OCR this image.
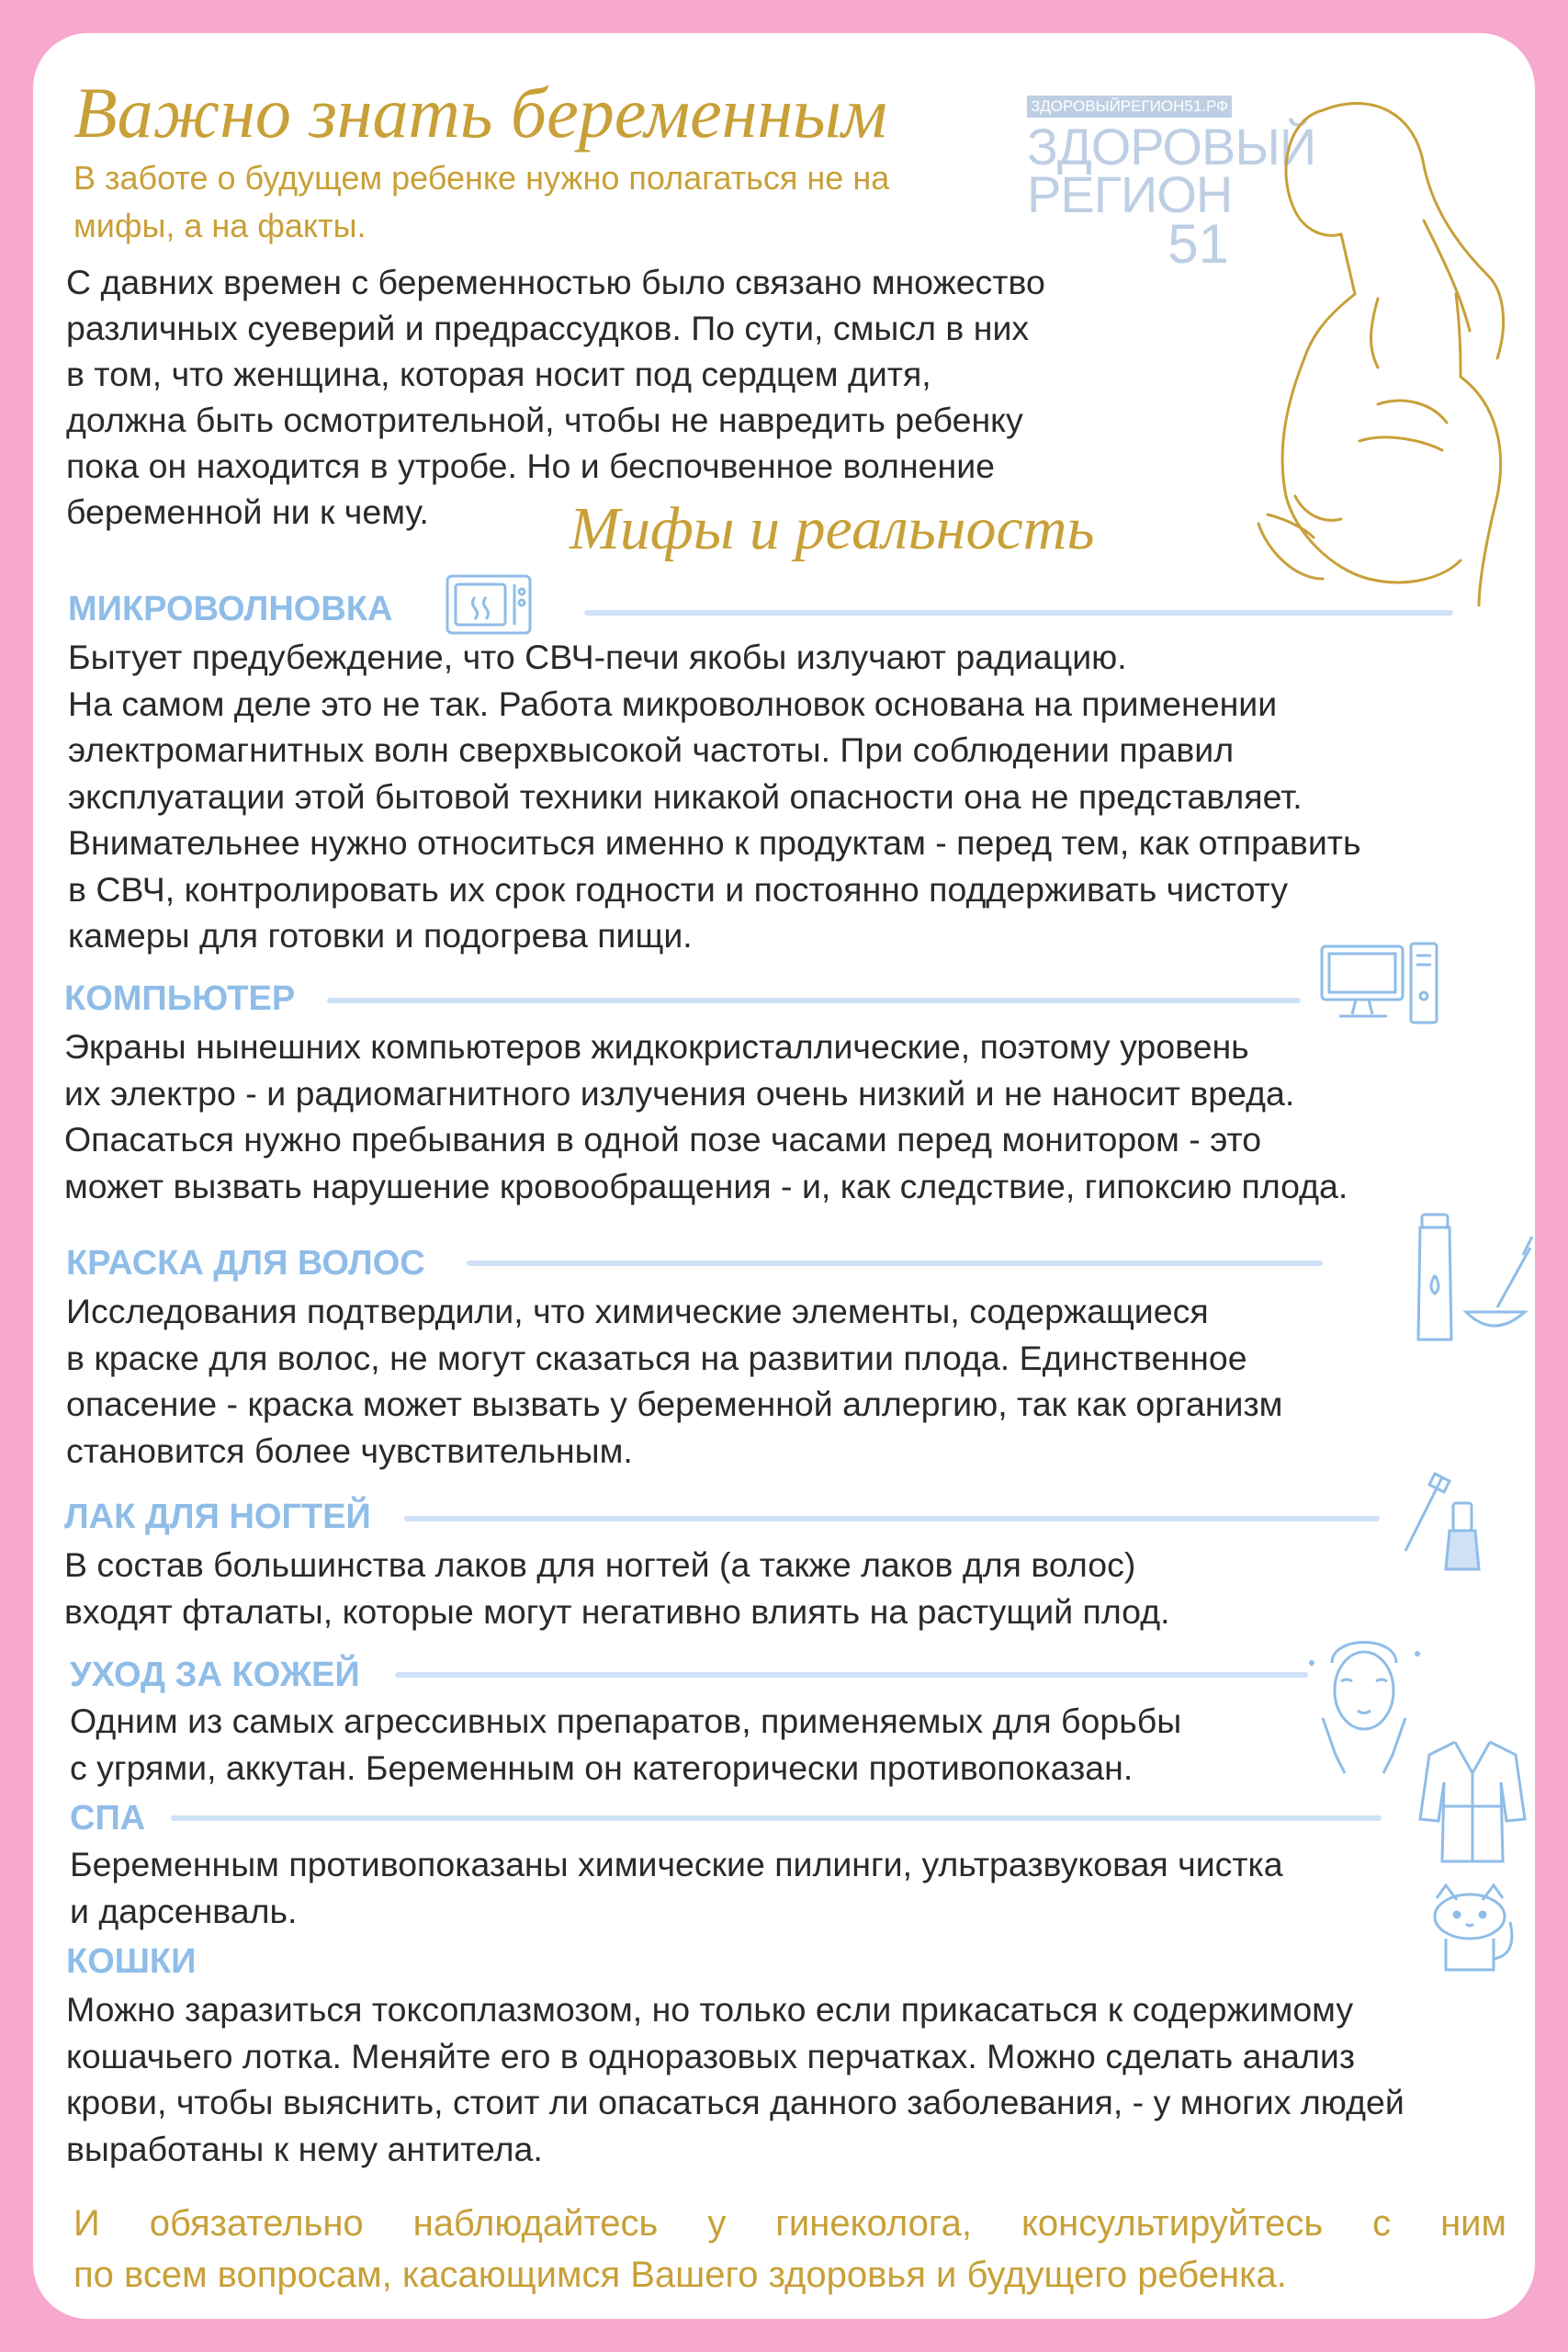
Важно знать беременным
В заботе о будущем ребенке нужно полагаться не на мифы, а на факты.
ЗДОРОВЫЙРЕГИОН51.РФ
ЗДОРОВЫЙ
РЕГИОН
51
С давних времен с беременностью было связано множество
различных суеверий и предрассудков. По сути, смысл в них
в том, что женщина, которая носит под сердцем дитя,
должна быть осмотрительной, чтобы не навредить ребенку
пока он находится в утробе. Но и беспочвенное волнение
беременной ни к чему.	Мифы и реальность
МИКРОВОЛНОВКА
Бытует предубеждение, что СВЧ-печи якобы излучают радиацию.
На самом деле это не так. Работа микроволновок основана на применении
электромагнитных волн сверхвысокой частоты. При соблюдении правил
эксплуатации этой бытовой техники никакой опасности она не представляет.
Внимательнее нужно относиться именно к продуктам - перед тем, как отправить
в СВЧ, контролировать их срок годности и постоянно поддерживать чистоту
камеры для готовки и подогрева пищи.
КОМПЬЮТЕР
Экраны нынешних компьютеров жидкокристаллические, поэтому уровень
их электро - и радиомагнитного излучения очень низкий и не наносит вреда.
Опасаться нужно пребывания в одной позе часами перед монитором - это
может вызвать нарушение кровообращения - и, как следствие, гипоксию плода.
КРАСКА ДЛЯ ВОЛОС
Исследования подтвердили, что химические элементы, содержащиеся
в краске для волос, не могут сказаться на развитии плода. Единственное
опасение - краска может вызвать у беременной аллергию, так как организм
становится более чувствительным.
ЛАК ДЛЯ НОГТЕЙ
В состав большинства лаков для ногтей (а также лаков для волос)
входят фталаты, которые могут негативно влиять на растущий плод.
УХОД ЗА КОЖЕЙ
Одним из самых агрессивных препаратов, применяемых для борьбы
с угрями, аккутан. Беременным он категорически противопоказан.
СПА
Беременным противопоказаны химические пилинги, ультразвуковая чистка
и дарсенваль.
КОШКИ
Можно заразиться токсоплазмозом, но только если прикасаться к содержимому
кошачьего лотка. Меняйте его в одноразовых перчатках. Можно сделать анализ
крови, чтобы выяснить, стоит ли опасаться данного заболевания, - у многих людей
выработаны к нему антитела.
И обязательно наблюдайтесь у гинеколога, консультируйтесь с ним
по всем вопросам, касающимся Вашего здоровья и будущего ребенка.
